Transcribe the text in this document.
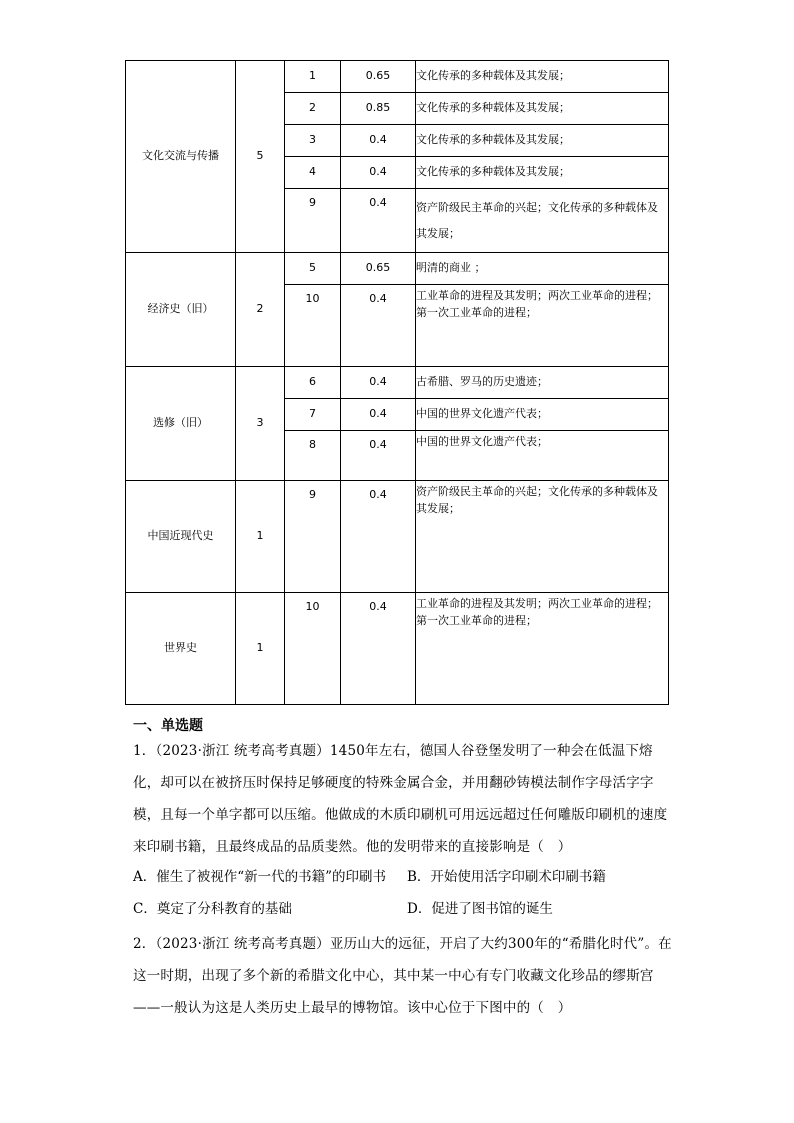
文化交流与传播	5	1	0.65	文化传承的多种载体及其发展；
		2	0.85	文化传承的多种载体及其发展；
		3	0.4	文化传承的多种载体及其发展；
		4	0.4	文化传承的多种载体及其发展；
		9	0.4	资产阶级民主革命的兴起；文化传承的多种载体及其发展；
经济史（旧）	2	5	0.65	明清的商业 ；
		10	0.4	工业革命的进程及其发明；两次工业革命的进程；第一次工业革命的进程；
选修（旧）	3	6	0.4	古希腊、罗马的历史遗迹；
		7	0.4	中国的世界文化遗产代表；
		8	0.4	中国的世界文化遗产代表；
中国近现代史	1	9	0.4	资产阶级民主革命的兴起；文化传承的多种载体及其发展；
世界史	1	10	0.4	工业革命的进程及其发明；两次工业革命的进程；第一次工业革命的进程；
一、单选题
1．（2023·浙江 统考高考真题）1450年左右，德国人谷登堡发明了一种会在低温下熔化，却可以在被挤压时保持足够硬度的特殊金属合金，并用翻砂铸模法制作字母活字字模，且每一个单字都可以压缩。他做成的木质印刷机可用远远超过任何雕版印刷机的速度来印刷书籍，且最终成品的品质斐然。他的发明带来的直接影响是（　）
A．催生了被视作“新一代的书籍”的印刷书 B．开始使用活字印刷术印刷书籍
C．奠定了分科教育的基础	D．促进了图书馆的诞生
2．（2023·浙江 统考高考真题）亚历山大的远征，开启了大约300年的“希腊化时代”。在这一时期，出现了多个新的希腊文化中心，其中某一中心有专门收藏文化珍品的缪斯宫——一般认为这是人类历史上最早的博物馆。该中心位于下图中的（　）
